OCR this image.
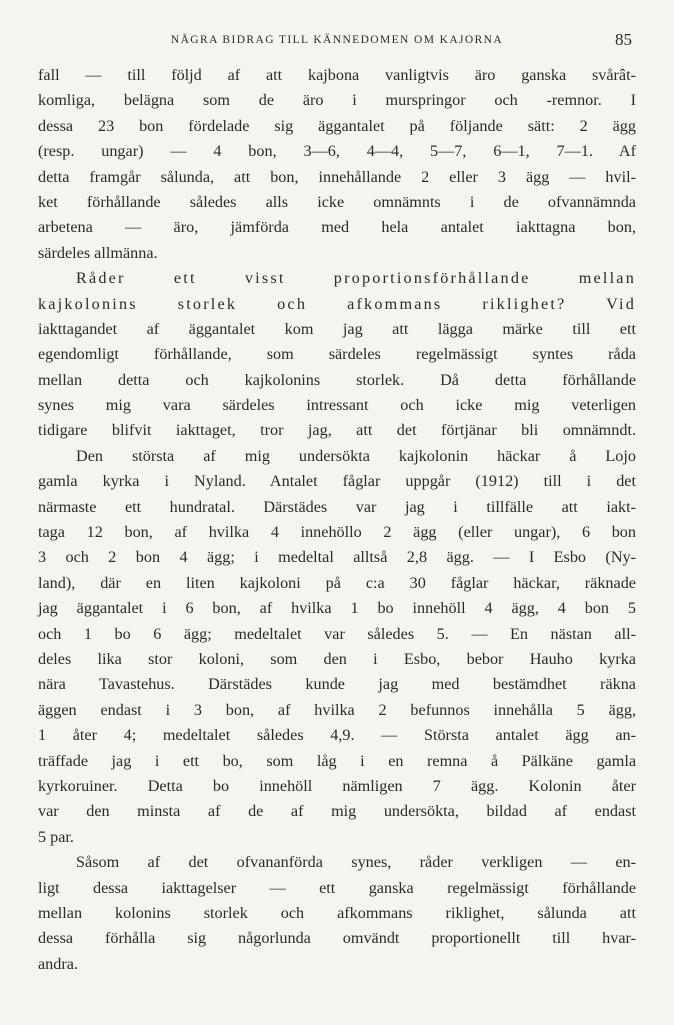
NÅGRA BIDRAG TILL KÄNNEDOMEN OM KAJORNA	85
fall — till följd af att kajbona vanligtvis äro ganska svårât-
komliga, belägna som de äro i murspringor och -remnor. I
dessa 23 bon fördelade sig äggantalet på följande sätt: 2 ägg
(resp. ungar) — 4 bon, 3—6, 4—4, 5—7, 6—1, 7—1. Af
detta framgår sålunda, att bon, innehållande 2 eller 3 ägg — hvil-
ket förhållande således alls icke omnämnts i de ofvannämnda
arbetena — äro, jämförda med hela antalet iakttagna bon,
särdeles allmänna.
Råder ett visst proportionsförhållande mellan
kajkolonins storlek och afkommans riklighet? Vid
iakttagandet af äggantalet kom jag att lägga märke till ett
egendomligt förhållande, som särdeles regelmässigt syntes råda
mellan detta och kajkolonins storlek. Då detta förhållande
synes mig vara särdeles intressant och icke mig veterligen
tidigare blifvit iakttaget, tror jag, att det förtjänar bli omnämndt.
Den största af mig undersökta kajkolonin häckar å Lojo
gamla kyrka i Nyland. Antalet fåglar uppgår (1912) till i det
närmaste ett hundratal. Därstädes var jag i tillfälle att iakt-
taga 12 bon, af hvilka 4 innehöllo 2 ägg (eller ungar), 6 bon
3 och 2 bon 4 ägg; i medeltal alltså 2,8 ägg. — I Esbo (Ny-
land), där en liten kajkoloni på c:a 30 fåglar häckar, räknade
jag äggantalet i 6 bon, af hvilka 1 bo innehöll 4 ägg, 4 bon 5
och 1 bo 6 ägg; medeltalet var således 5. — En nästan all-
deles lika stor koloni, som den i Esbo, bebor Hauho kyrka
nära Tavastehus. Därstädes kunde jag med bestämdhet räkna
äggen endast i 3 bon, af hvilka 2 befunnos innehålla 5 ägg,
1 åter 4; medeltalet således 4,9. — Största antalet ägg an-
träffade jag i ett bo, som låg i en remna å Pälkäne gamla
kyrkoruiner. Detta bo innehöll nämligen 7 ägg. Kolonin åter
var den minsta af de af mig undersökta, bildad af endast
5 par.
Såsom af det ofvananförda synes, råder verkligen — en-
ligt dessa iakttagelser — ett ganska regelmässigt förhållande
mellan kolonins storlek och afkommans riklighet, sålunda att
dessa förhålla sig någorlunda omvändt proportionellt till hvar-
andra.
